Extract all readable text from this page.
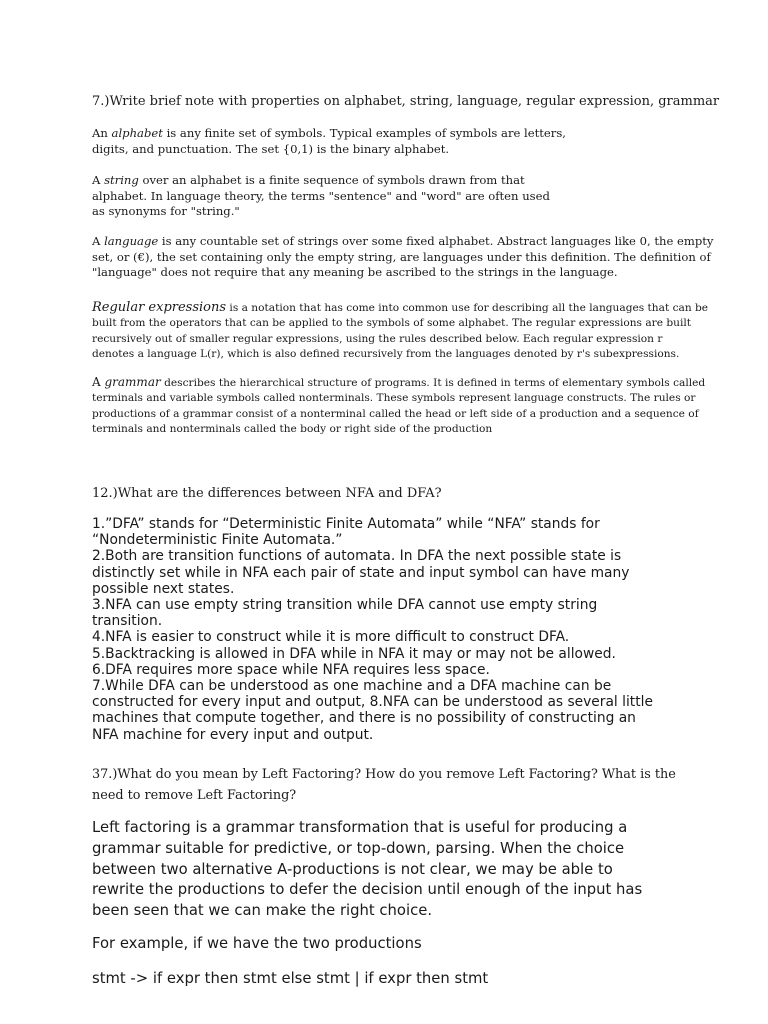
7.)Write brief note with properties on alphabet, string, language, regular expression, grammar
An alphabet is any finite set of symbols. Typical examples of symbols are letters,
digits, and punctuation. The set {0,1) is the binary alphabet.
A string over an alphabet is a finite sequence of symbols drawn from that
alphabet. In language theory, the terms "sentence" and "word" are often used
as synonyms for "string."
A language is any countable set of strings over some fixed alphabet. Abstract languages like 0, the empty
set, or (€), the set containing only the empty string, are languages under this definition. The definition of
"language" does not require that any meaning be ascribed to the strings in the language.
Regular expressions is a notation that has come into common use for describing all the languages that can be
built from the operators that can be applied to the symbols of some alphabet. The regular expressions are built
recursively out of smaller regular expressions, using the rules described below. Each regular expression r
denotes a language L(r), which is also defined recursively from the languages denoted by r's subexpressions.
A grammar describes the hierarchical structure of programs. It is defined in terms of elementary symbols called
terminals and variable symbols called nonterminals. These symbols represent language constructs. The rules or
productions of a grammar consist of a nonterminal called the head or left side of a production and a sequence of
terminals and nonterminals called the body or right side of the production
12.)What are the differences between NFA and DFA?
1.”DFA” stands for “Deterministic Finite Automata” while “NFA” stands for
“Nondeterministic Finite Automata.”
2.Both are transition functions of automata. In DFA the next possible state is
distinctly set while in NFA each pair of state and input symbol can have many
possible next states.
3.NFA can use empty string transition while DFA cannot use empty string
transition.
4.NFA is easier to construct while it is more difficult to construct DFA.
5.Backtracking is allowed in DFA while in NFA it may or may not be allowed.
6.DFA requires more space while NFA requires less space.
7.While DFA can be understood as one machine and a DFA machine can be
constructed for every input and output, 8.NFA can be understood as several little
machines that compute together, and there is no possibility of constructing an
NFA machine for every input and output.
37.)What do you mean by Left Factoring? How do you remove Left Factoring? What is the
need to remove Left Factoring?
Left factoring is a grammar transformation that is useful for producing a
grammar suitable for predictive, or top-down, parsing. When the choice
between two alternative A-productions is not clear, we may be able to
rewrite the productions to defer the decision until enough of the input has
been seen that we can make the right choice.
For example, if we have the two productions
stmt -> if expr then stmt else stmt | if expr then stmt
